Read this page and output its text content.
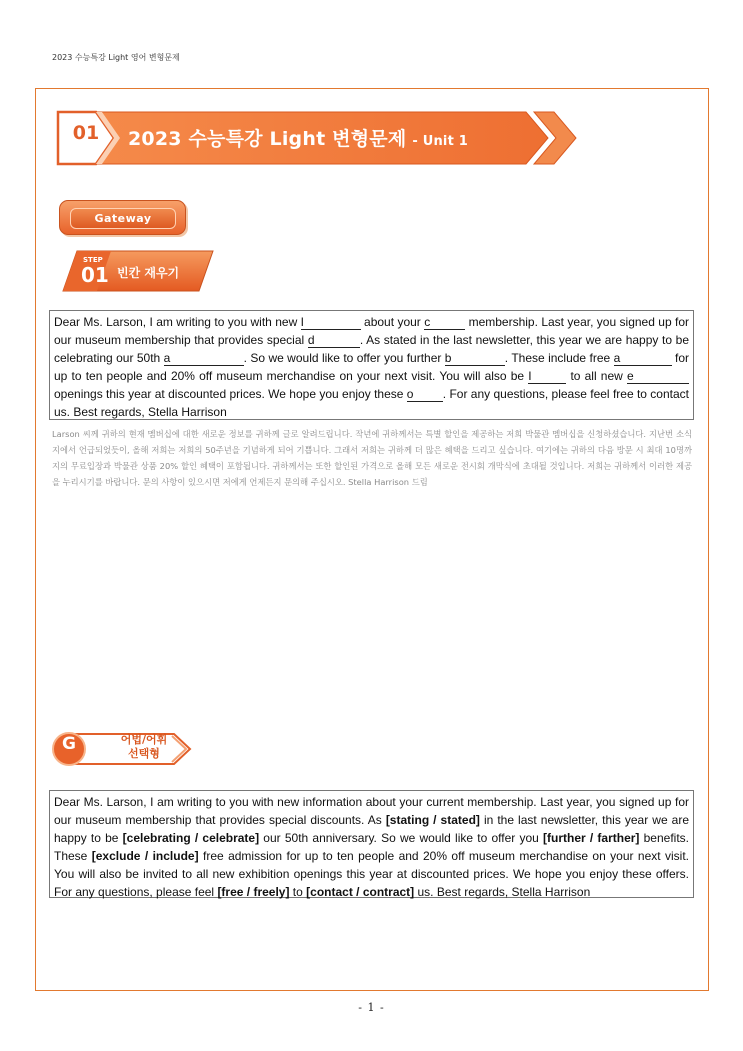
2023 수능특강 Light 영어 변형문제
01	2023 수능특강 Light 변형문제 - Unit 1
Gateway
STEP
01 빈칸 재우기
Dear Ms. Larson, I am writing to you with new I	about your c	membership. Last year, you signed up for our museum membership that provides special d	. As stated in the last newsletter, this year we are happy to be celebrating our 50th a	. So we would like to offer you further b	. These include free a	for up to ten people and 20% off museum merchandise on your next visit. You will also be I	to all new e openings this year at discounted prices. We hope you enjoy these o . For any questions, please feel free to contact us. Best regards, Stella Harrison
Larson 씨께 귀하의 현재 멤버십에 대한 새로운 정보를 귀하께 글로 알려드립니다. 작년에 귀하께서는 특별 할인을 제공하는 저희 박물관 멤버십을 신청하셨습니다. 지난번 소식지에서 언급되었듯이, 올해 저희는 저희의 50주년을 기념하게 되어 기쁩니다. 그래서 저희는 귀하께 더 많은 혜택을 드리고 싶습니다. 여기에는 귀하의 다음 방문 시 최대 10명까지의 무료입장과 박물관 상품 20% 할인 혜택이 포함됩니다. 귀하께서는 또한 할인된 가격으로 올해 모든 새로운 전시회 개막식에 초대될 것입니다. 저희는 귀하께서 이러한 제공을 누리시기를 바랍니다. 문의 사항이 있으시면 저에게 언제든지 문의해 주십시오. Stella Harrison 드림
G	어법/어휘
선택형
Dear Ms. Larson, I am writing to you with new information about your current membership. Last year, you signed up for our museum membership that provides special discounts. As [stating / stated] in the last newsletter, this year we are happy to be [celebrating / celebrate] our 50th anniversary. So we would like to offer you [further / farther] benefits. These [exclude / include] free admission for up to ten people and 20% off museum merchandise on your next visit. You will also be invited to all new exhibition openings this year at discounted prices. We hope you enjoy these offers. For any questions, please feel [free / freely] to [contact / contract] us. Best regards, Stella Harrison
- 1 -
